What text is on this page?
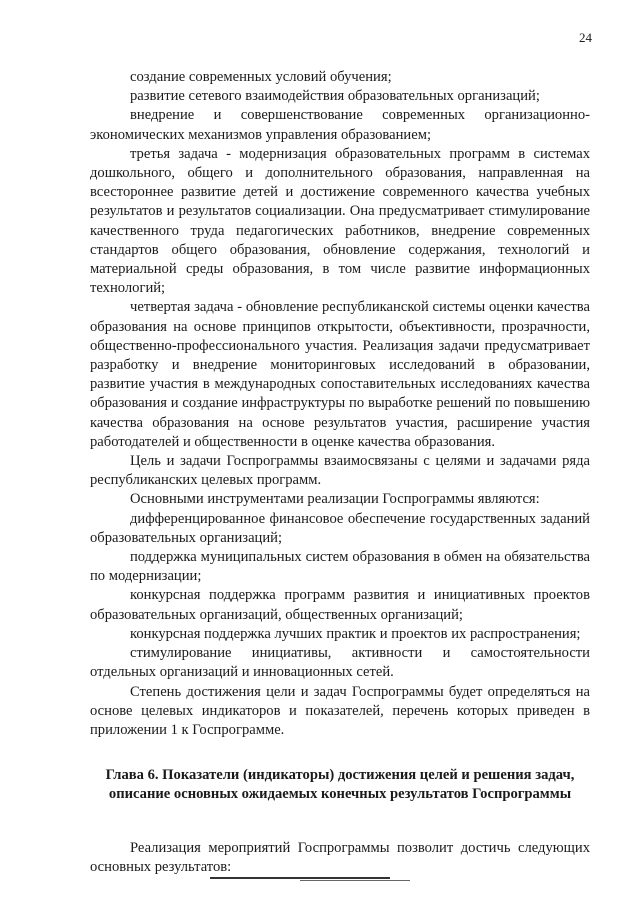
24

создание современных условий обучения;

развитие сетевого взаимодействия образовательных организаций;

внедрение и совершенствование современных организационно-экономических механизмов управления образованием;

третья задача - модернизация образовательных программ в системах дошкольного, общего и дополнительного образования, направленная на всестороннее развитие детей и достижение современного качества учебных результатов и результатов социализации. Она предусматривает стимулирование качественного труда педагогических работников, внедрение современных стандартов общего образования, обновление содержания, технологий и материальной среды образования, в том числе развитие информационных технологий;

четвертая задача - обновление республиканской системы оценки качества образования на основе принципов открытости, объективности, прозрачности, общественно-профессионального участия. Реализация задачи предусматривает разработку и внедрение мониторинговых исследований в образовании, развитие участия в международных сопоставительных исследованиях качества образования и создание инфраструктуры по выработке решений по повышению качества образования на основе результатов участия, расширение участия работодателей и общественности в оценке качества образования.

Цель и задачи Госпрограммы взаимосвязаны с целями и задачами ряда республиканских целевых программ.

Основными инструментами реализации Госпрограммы являются:

дифференцированное финансовое обеспечение государственных заданий образовательных организаций;

поддержка муниципальных систем образования в обмен на обязательства по модернизации;

конкурсная поддержка программ развития и инициативных проектов образовательных организаций, общественных организаций;

конкурсная поддержка лучших практик и проектов их распространения;

стимулирование инициативы, активности и самостоятельности отдельных организаций и инновационных сетей.

Степень достижения цели и задач Госпрограммы будет определяться на основе целевых индикаторов и показателей, перечень которых приведен в приложении 1 к Госпрограмме.

Глава 6. Показатели (индикаторы) достижения целей и решения задач,
описание основных ожидаемых конечных результатов Госпрограммы

Реализация мероприятий Госпрограммы позволит достичь следующих основных результатов:
